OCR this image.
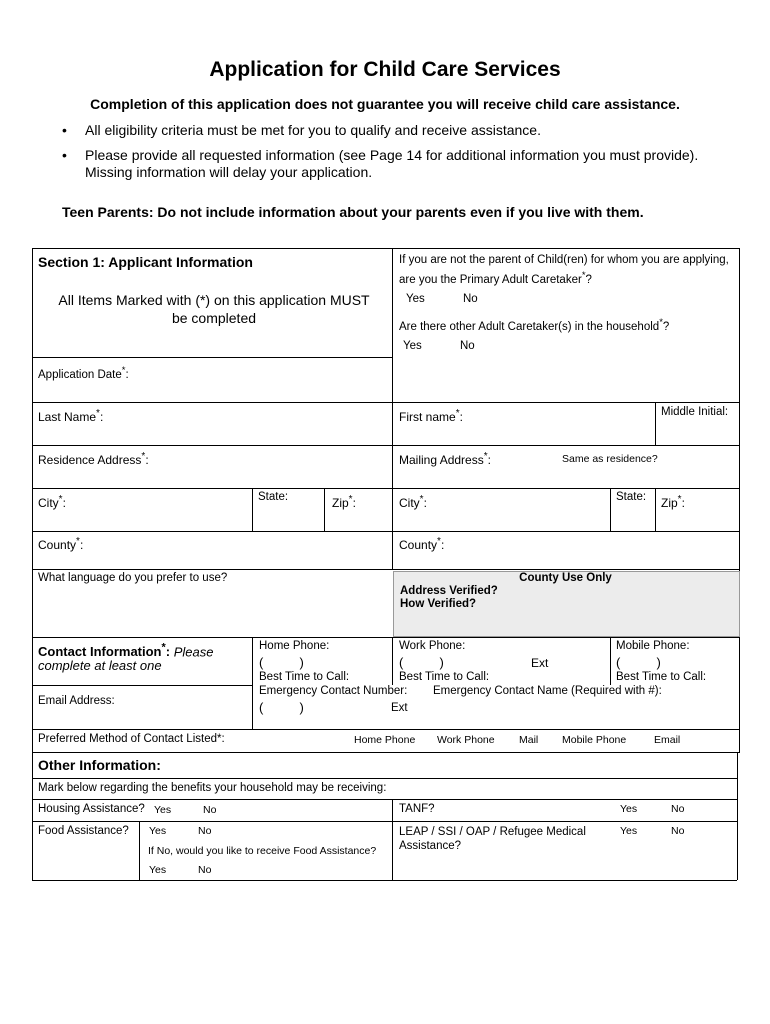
Application for Child Care Services
Completion of this application does not guarantee you will receive child care assistance.
• All eligibility criteria must be met for you to qualify and receive assistance.
• Please provide all requested information (see Page 14 for additional information you must provide).
Missing information will delay your application.
Teen Parents: Do not include information about your parents even if you live with them.
Section 1: Applicant Information
All Items Marked with (*) on this application MUST
be completed
If you are not the parent of Child(ren) for whom you are applying,
are you the Primary Adult Caretaker*?
Yes	No
Are there other Adult Caretaker(s) in the household*?
Yes	No
Application Date*:
Last Name*:	First name*:	Middle Initial:
Residence Address*:	Mailing Address*:	Same as residence?
City*:	State:	Zip*:	City*:	State: Zip*:
County*:	County*:
What language do you prefer to use?	County Use Only
Address Verified?
How Verified?
Contact Information*: Please
complete at least one
Home Phone:
(          )
Best Time to Call:
Work Phone:
(          )	Ext
Best Time to Call:
Mobile Phone:
(          )
Best Time to Call:
Emergency Contact Number: Emergency Contact Name (Required with #):
(          )	Ext
Email Address:
Preferred Method of Contact Listed*:	Home Phone Work Phone Mail Mobile Phone	Email
Other Information:
Mark below regarding the benefits your household may be receiving:
Housing Assistance? Yes	No	TANF?	Yes	No
Food Assistance? Yes	No
If No, would you like to receive Food Assistance?
Yes	No
LEAP / SSI / OAP / Refugee Medical
Assistance?
Yes	No
